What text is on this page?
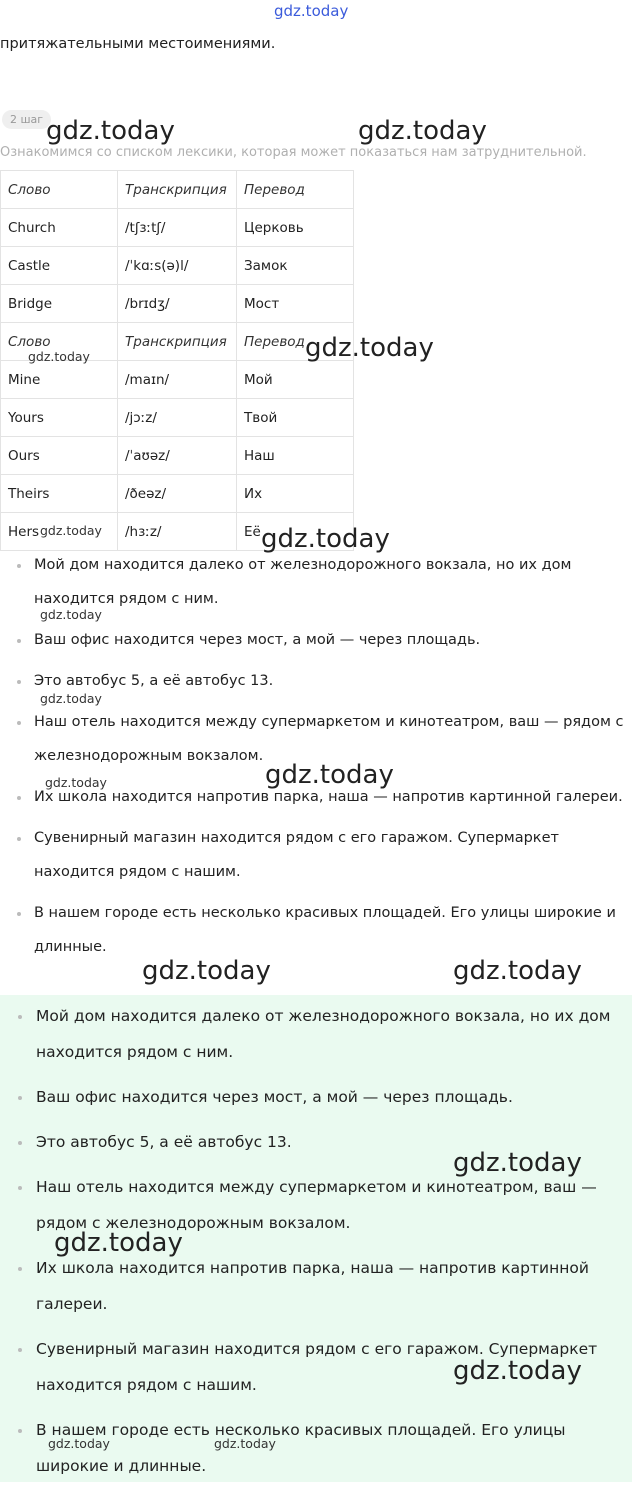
gdz.today
притяжательными местоимениями.
2 шаг
Ознакомимся со списком лексики, которая может показаться нам затруднительной.
Слово	Транскрипция	Перевод
Church	/tʃɜːtʃ/	Церковь
Castle	/ˈkɑːs(ə)l/	Замок
Bridge	/brɪdʒ/	Мост
Слово	Транскрипция	Перевод
Mine	/maɪn/	Мой
Yours	/jɔːz/	Твой
Ours	/ˈaʊəz/	Наш
Theirs	/ðeəz/	Их
Hers	/hɜːz/	Её
Мой дом находится далеко от железнодорожного вокзала, но их дом находится рядом с ним.
Ваш офис находится через мост, а мой — через площадь.
Это автобус 5, а её автобус 13.
Наш отель находится между супермаркетом и кинотеатром, ваш — рядом с железнодорожным вокзалом.
Их школа находится напротив парка, наша — напротив картинной галереи.
Сувенирный магазин находится рядом с его гаражом. Супермаркет находится рядом с нашим.
В нашем городе есть несколько красивых площадей. Его улицы широкие и длинные.
Мой дом находится далеко от железнодорожного вокзала, но их дом находится рядом с ним.
Ваш офис находится через мост, а мой — через площадь.
Это автобус 5, а её автобус 13.
Наш отель находится между супермаркетом и кинотеатром, ваш — рядом с железнодорожным вокзалом.
Их школа находится напротив парка, наша — напротив картинной галереи.
Сувенирный магазин находится рядом с его гаражом. Супермаркет находится рядом с нашим.
В нашем городе есть несколько красивых площадей. Его улицы широкие и длинные.
gdz.today	gdz.today
gdz.today	gdz.today
gdz.today	gdz.today
gdz.today
gdz.today
gdz.today	gdz.today
gdz.today	gdz.today
gdz.today
gdz.today
gdz.today
gdz.today	gdz.today
